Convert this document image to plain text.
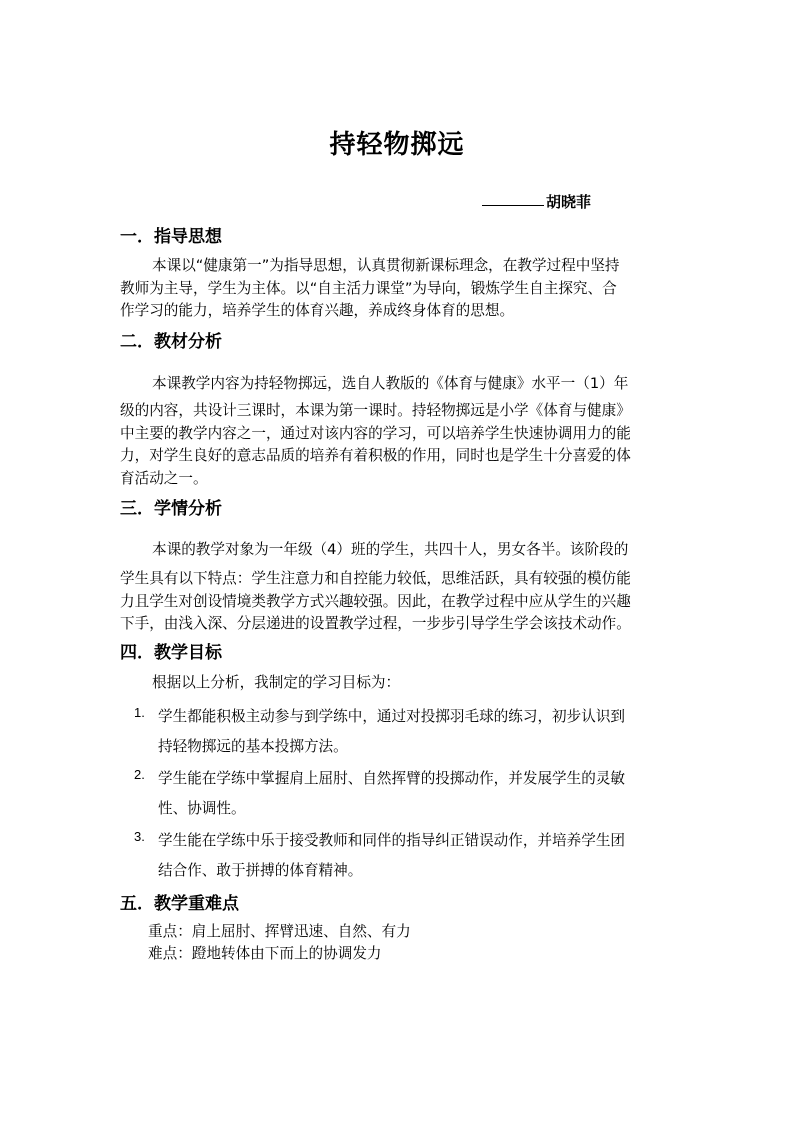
持轻物掷远
胡晓菲
一．指导思想
本课以“健康第一”为指导思想，认真贯彻新课标理念，在教学过程中坚持
教师为主导，学生为主体。以“自主活力课堂”为导向，锻炼学生自主探究、合
作学习的能力，培养学生的体育兴趣，养成终身体育的思想。
二．教材分析
本课教学内容为持轻物掷远，选自人教版的《体育与健康》水平一（1）年
级的内容，共设计三课时，本课为第一课时。持轻物掷远是小学《体育与健康》
中主要的教学内容之一，通过对该内容的学习，可以培养学生快速协调用力的能
力，对学生良好的意志品质的培养有着积极的作用，同时也是学生十分喜爱的体
育活动之一。
三．学情分析
本课的教学对象为一年级（4）班的学生，共四十人，男女各半。该阶段的
学生具有以下特点：学生注意力和自控能力较低，思维活跃，具有较强的模仿能
力且学生对创设情境类教学方式兴趣较强。因此，在教学过程中应从学生的兴趣
下手，由浅入深、分层递进的设置教学过程，一步步引导学生学会该技术动作。
四．教学目标
根据以上分析，我制定的学习目标为：
1. 学生都能积极主动参与到学练中，通过对投掷羽毛球的练习，初步认识到
持轻物掷远的基本投掷方法。
2. 学生能在学练中掌握肩上屈肘、自然挥臂的投掷动作，并发展学生的灵敏
性、协调性。
3. 学生能在学练中乐于接受教师和同伴的指导纠正错误动作，并培养学生团
结合作、敢于拼搏的体育精神。
五．教学重难点
重点：肩上屈肘、挥臂迅速、自然、有力
难点：蹬地转体由下而上的协调发力
